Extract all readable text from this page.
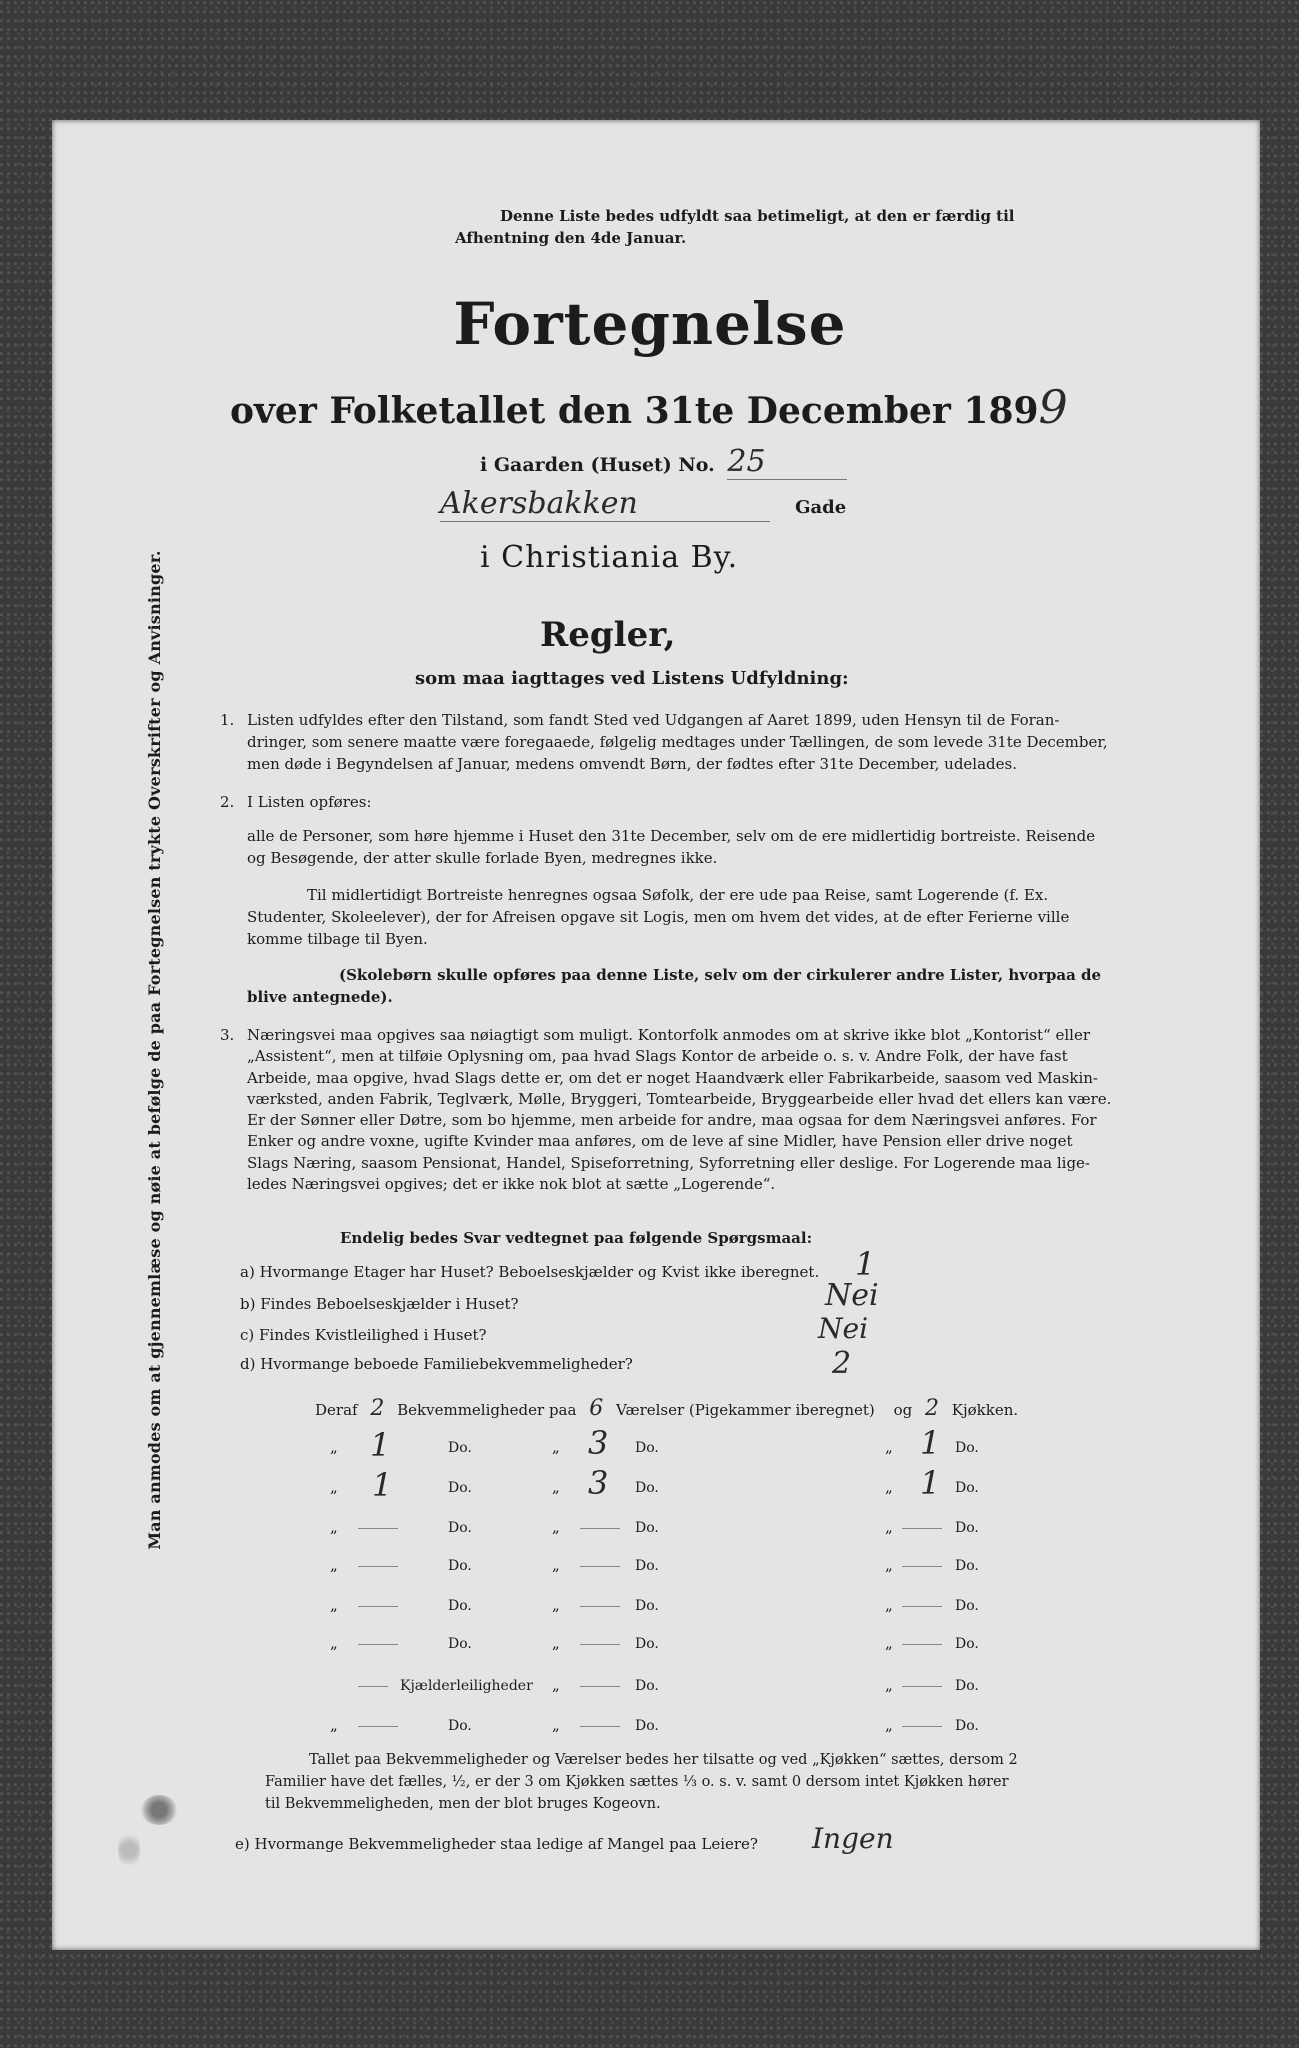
Man anmodes om at gjennemlæse og nøie at befølge de paa Fortegnelsen trykte Overskrifter og Anvisninger.
Denne Liste bedes udfyldt saa betimeligt, at den er færdig til
Afhentning den 4de Januar.
Fortegnelse
over Folketallet den 31te December 1899
i Gaarden (Huset) No. 25
Akersbakken	Gade
i Christiania By.
Regler,
som maa iagttages ved Listens Udfyldning:
1. Listen udfyldes efter den Tilstand, som fandt Sted ved Udgangen af Aaret 1899, uden Hensyn til de Foran-
dringer, som senere maatte være foregaaede, følgelig medtages under Tællingen, de som levede 31te December,
men døde i Begyndelsen af Januar, medens omvendt Børn, der fødtes efter 31te December, udelades.
2. I Listen opføres:
alle de Personer, som høre hjemme i Huset den 31te December, selv om de ere midlertidig bortreiste. Reisende
og Besøgende, der atter skulle forlade Byen, medregnes ikke.
Til midlertidigt Bortreiste henregnes ogsaa Søfolk, der ere ude paa Reise, samt Logerende (f. Ex.
Studenter, Skoleelever), der for Afreisen opgave sit Logis, men om hvem det vides, at de efter Ferierne ville
komme tilbage til Byen.
(Skolebørn skulle opføres paa denne Liste, selv om der cirkulerer andre Lister, hvorpaa de
blive antegnede).
3. Næringsvei maa opgives saa nøiagtigt som muligt. Kontorfolk anmodes om at skrive ikke blot „Kontorist“ eller
„Assistent“, men at tilføie Oplysning om, paa hvad Slags Kontor de arbeide o. s. v. Andre Folk, der have fast
Arbeide, maa opgive, hvad Slags dette er, om det er noget Haandværk eller Fabrikarbeide, saasom ved Maskin-
værksted, anden Fabrik, Teglværk, Mølle, Bryggeri, Tomtearbeide, Bryggearbeide eller hvad det ellers kan være.
Er der Sønner eller Døtre, som bo hjemme, men arbeide for andre, maa ogsaa for dem Næringsvei anføres. For
Enker og andre voxne, ugifte Kvinder maa anføres, om de leve af sine Midler, have Pension eller drive noget
Slags Næring, saasom Pensionat, Handel, Spiseforretning, Syforretning eller deslige. For Logerende maa lige-
ledes Næringsvei opgives; det er ikke nok blot at sætte „Logerende“.
Endelig bedes Svar vedtegnet paa følgende Spørgsmaal:
a) Hvormange Etager har Huset? Beboelseskjælder og Kvist ikke iberegnet. 1
b) Findes Beboelseskjælder i Huset?	Nei
c) Findes Kvistleilighed i Huset?	Nei
d) Hvormange beboede Familiebekvemmeligheder?	2
Deraf 2 Bekvemmeligheder paa 6 Værelser (Pigekammer iberegnet) og 2 Kjøkken.
„ 1	Do.	„ 3 Do.	„ 1 Do.
„ 1	Do.	„ 3 Do.	„ 1 Do.
„	Do.	„	Do.	„	Do.
„	Do.	„	Do.	„	Do.
„	Do.	„	Do.	„	Do.
„	Do.	„	Do.	„	Do.
Kjælderleiligheder „	Do.	„	Do.
„	Do.	„	Do.	„	Do.
Tallet paa Bekvemmeligheder og Værelser bedes her tilsatte og ved „Kjøkken“ sættes, dersom 2
Familier have det fælles, ½, er der 3 om Kjøkken sættes ⅓ o. s. v. samt 0 dersom intet Kjøkken hører
til Bekvemmeligheden, men der blot bruges Kogeovn.
e) Hvormange Bekvemmeligheder staa ledige af Mangel paa Leiere? Ingen
